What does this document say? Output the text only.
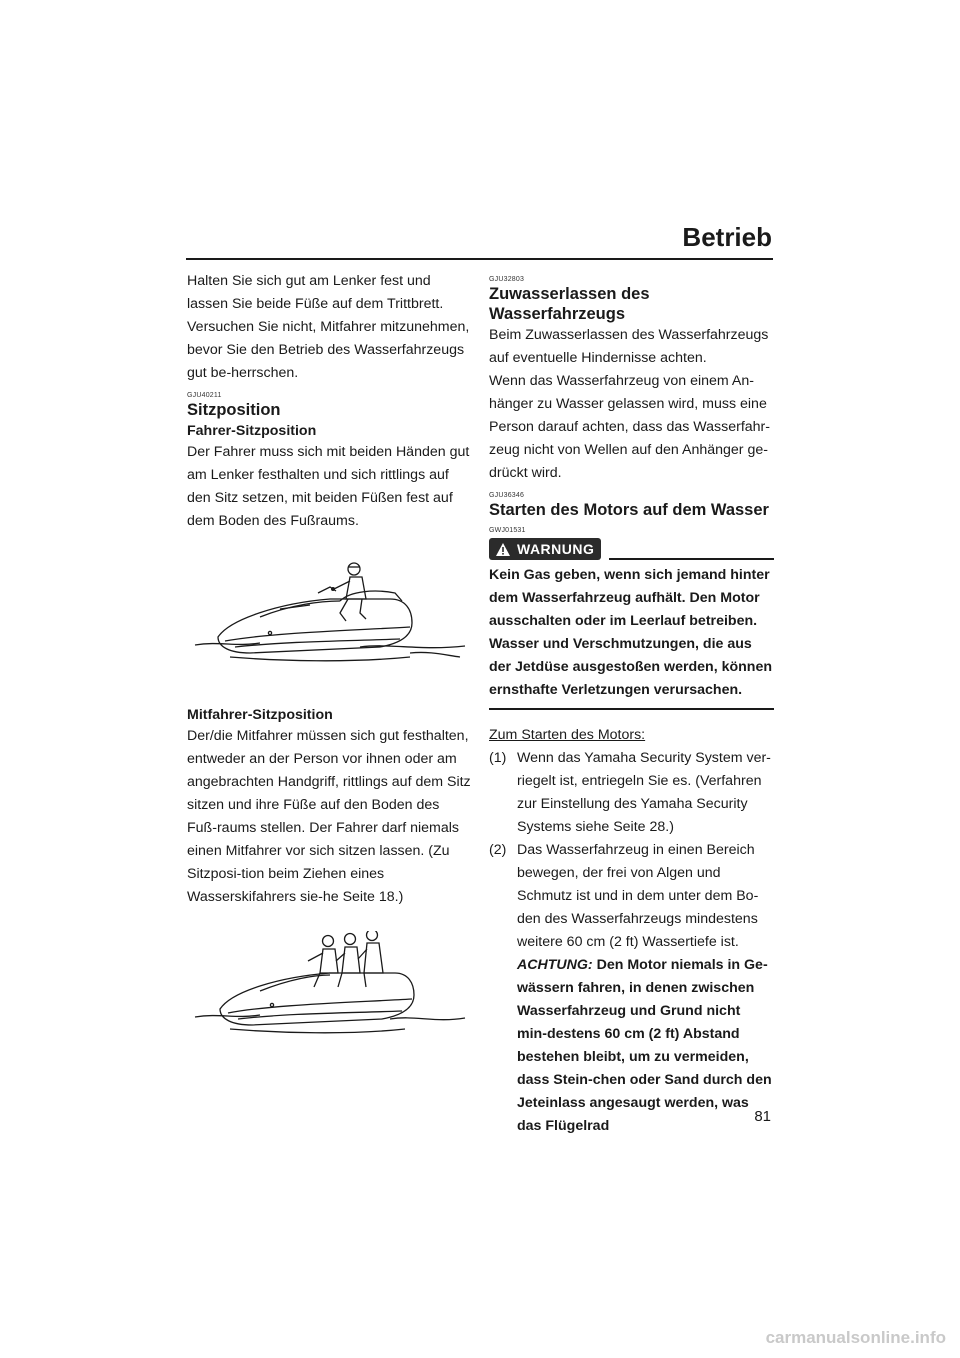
Betrieb

Halten Sie sich gut am Lenker fest und lassen Sie beide Füße auf dem Trittbrett. Versuchen Sie nicht, Mitfahrer mitzunehmen, bevor Sie den Betrieb des Wasserfahrzeugs gut be-herrschen.

GJU40211
Sitzposition
Fahrer-Sitzposition

Der Fahrer muss sich mit beiden Händen gut am Lenker festhalten und sich rittlings auf den Sitz setzen, mit beiden Füßen fest auf dem Boden des Fußraums.

Mitfahrer-Sitzposition

Der/die Mitfahrer müssen sich gut festhalten, entweder an der Person vor ihnen oder am angebrachten Handgriff, rittlings auf dem Sitz sitzen und ihre Füße auf den Boden des Fuß-raums stellen. Der Fahrer darf niemals einen Mitfahrer vor sich sitzen lassen. (Zu Sitzposi-tion beim Ziehen eines Wasserskifahrers sie-he Seite 18.)

GJU32803
Zuwasserlassen des
Wasserfahrzeugs

Beim Zuwasserlassen des Wasserfahrzeugs auf eventuelle Hindernisse achten.

Wenn das Wasserfahrzeug von einem An-hänger zu Wasser gelassen wird, muss eine Person darauf achten, dass das Wasserfahr-zeug nicht von Wellen auf den Anhänger ge-drückt wird.

GJU36346
Starten des Motors auf dem Wasser
GWJ01531
WARNUNG

Kein Gas geben, wenn sich jemand hinter dem Wasserfahrzeug aufhält. Den Motor ausschalten oder im Leerlauf betreiben. Wasser und Verschmutzungen, die aus der Jetdüse ausgestoßen werden, können ernsthafte Verletzungen verursachen.

Zum Starten des Motors:

(1) Wenn das Yamaha Security System ver-riegelt ist, entriegeln Sie es. (Verfahren zur Einstellung des Yamaha Security Systems siehe Seite 28.)

(2) Das Wasserfahrzeug in einen Bereich bewegen, der frei von Algen und Schmutz ist und in dem unter dem Bo-den des Wasserfahrzeugs mindestens weitere 60 cm (2 ft) Wassertiefe ist.

ACHTUNG: Den Motor niemals in Ge-wässern fahren, in denen zwischen Wasserfahrzeug und Grund nicht min-destens 60 cm (2 ft) Abstand bestehen bleibt, um zu vermeiden, dass Stein-chen oder Sand durch den Jeteinlass angesaugt werden, was das Flügelrad

81
carmanualsonline.info
